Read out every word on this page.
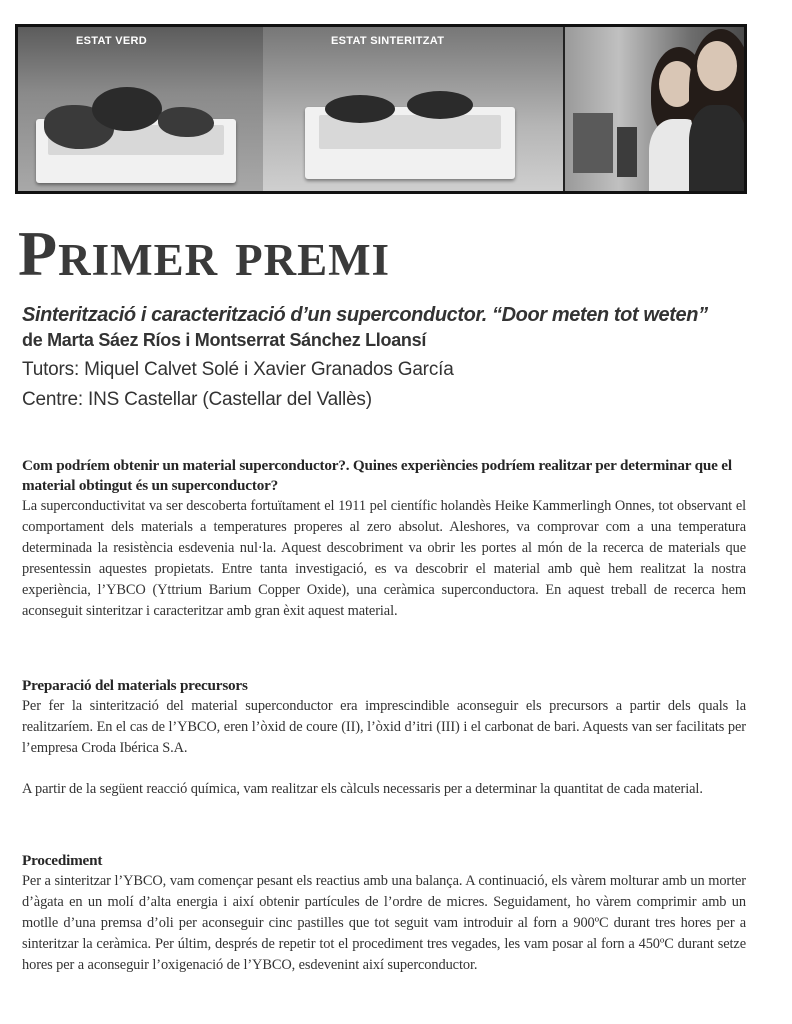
ESTAT VERD	ESTAT SINTERITZAT
Primer premi

Sinterització i caracterització d’un superconductor. “Door meten tot weten”

de Marta Sáez Ríos i Montserrat Sánchez Lloansí

Tutors: Miquel Calvet Solé i Xavier Granados García

Centre: INS Castellar (Castellar del Vallès)

Com podríem obtenir un material superconductor?. Quines experiències podríem realitzar per determinar que el material obtingut és un superconductor?

La superconductivitat va ser descoberta fortuïtament el 1911 pel científic holandès Heike Kammerlingh Onnes, tot observant el comportament dels materials a temperatures properes al zero absolut. Aleshores, va comprovar com a una temperatura determinada la resistència esdevenia nul·la. Aquest descobriment va obrir les portes al món de la recerca de materials que presentessin aquestes propietats. Entre tanta investigació, es va descobrir el material amb què hem realitzat la nostra experiència, l’YBCO (Yttrium Barium Copper Oxide), una ceràmica superconductora. En aquest treball de recerca hem aconseguit sinteritzar i caracteritzar amb gran èxit aquest material.

Preparació del materials precursors

Per fer la sinterització del material superconductor era imprescindible aconseguir els precursors a partir dels quals la realitzaríem. En el cas de l’YBCO, eren l’òxid de coure (II), l’òxid d’itri (III) i el carbonat de bari. Aquests van ser facilitats per l’empresa Croda Ibérica S.A.

A partir de la següent reacció química, vam realitzar els càlculs necessaris per a determinar la quantitat de cada material.

Procediment

Per a sinteritzar l’YBCO, vam començar pesant els reactius amb una balança. A continuació, els vàrem molturar amb un morter d’àgata en un molí d’alta energia i així obtenir partícules de l’ordre de micres. Seguidament, ho vàrem comprimir amb un motlle d’una premsa d’oli per aconseguir cinc pastilles que tot seguit vam introduir al forn a 900ºC durant tres hores per a sinteritzar la ceràmica. Per últim, després de repetir tot el procediment tres vegades, les vam posar al forn a 450ºC durant setze hores per a aconseguir l’oxigenació de l’YBCO, esdevenint així superconductor.
